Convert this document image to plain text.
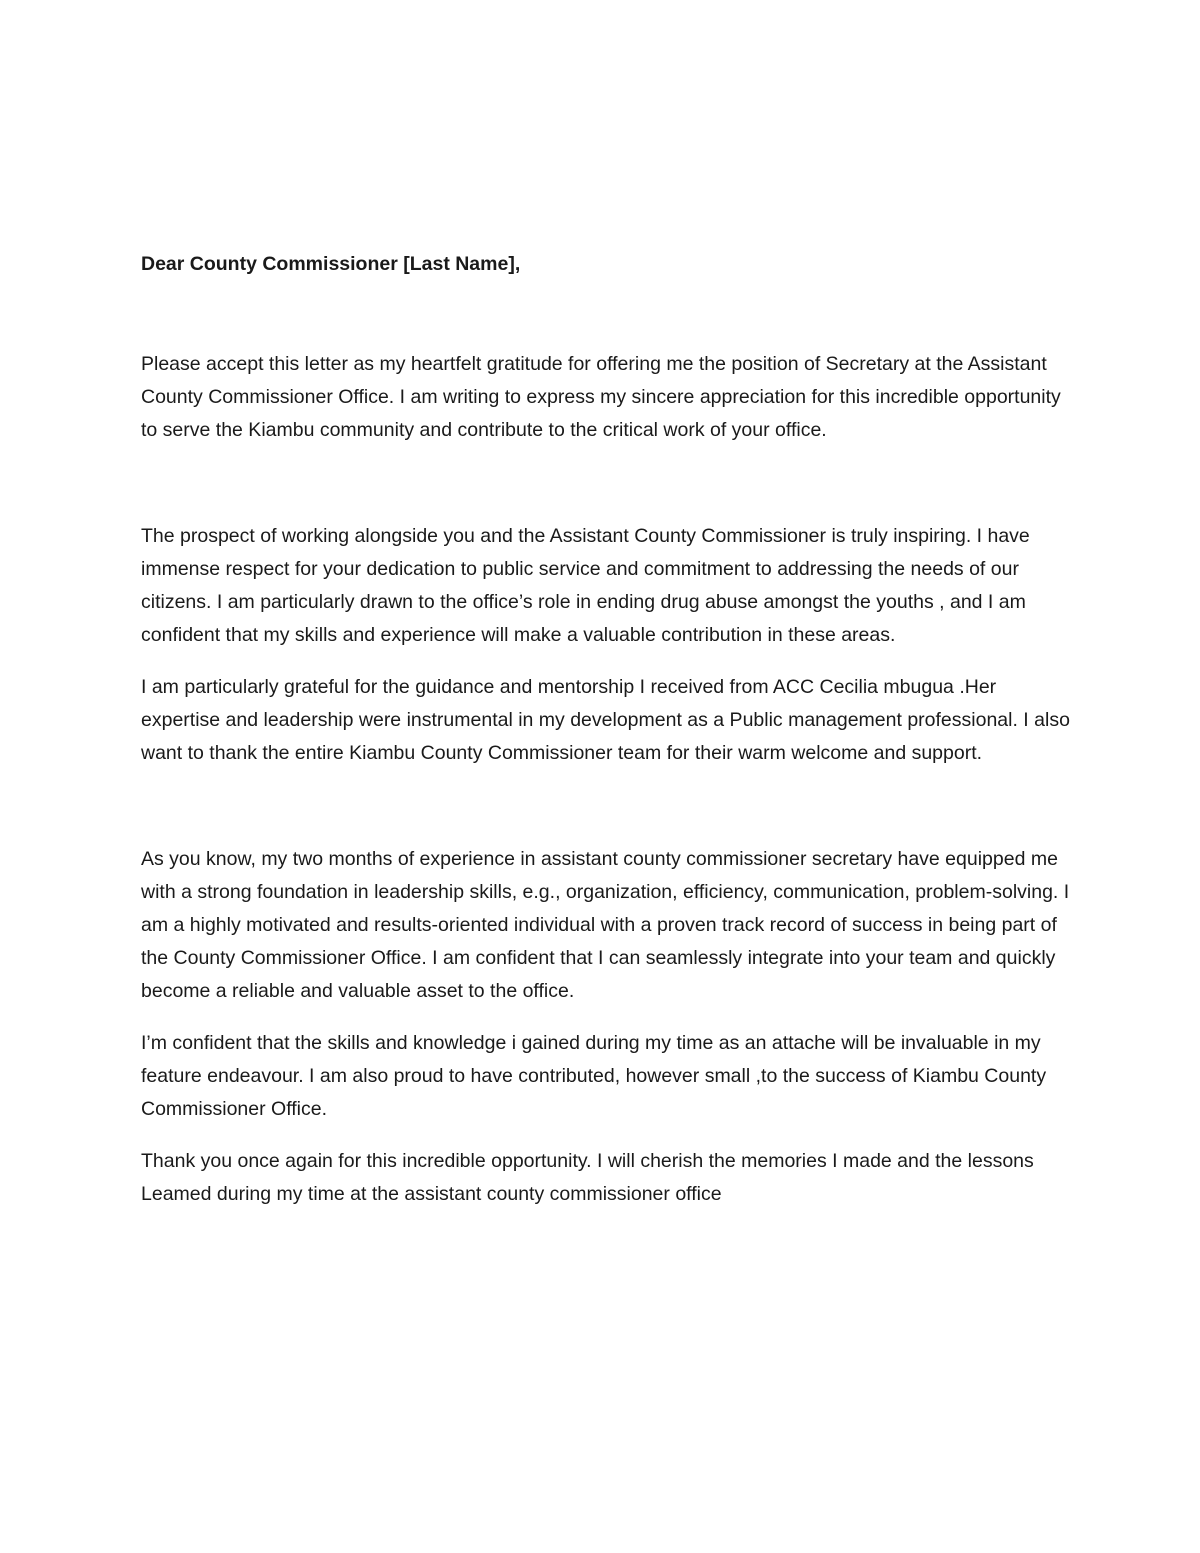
Dear County Commissioner [Last Name],

Please accept this letter as my heartfelt gratitude for offering me the position of Secretary at the Assistant County Commissioner Office. I am writing to express my sincere appreciation for this incredible opportunity to serve the Kiambu community and contribute to the critical work of your office.

The prospect of working alongside you and the Assistant County Commissioner is truly inspiring. I have immense respect for your dedication to public service and commitment to addressing the needs of our citizens. I am particularly drawn to the office’s role in ending drug abuse amongst the youths , and I am confident that my skills and experience will make a valuable contribution in these areas.

I am particularly grateful for the guidance and mentorship I received from ACC Cecilia mbugua .Her expertise and leadership were instrumental in my development as a Public management professional. I also want to thank the entire Kiambu County Commissioner team for their warm welcome and support.

As you know, my two months of experience in assistant county commissioner secretary have equipped me with a strong foundation in leadership skills, e.g., organization, efficiency, communication, problem-solving. I am a highly motivated and results-oriented individual with a proven track record of success in being part of the County Commissioner Office. I am confident that I can seamlessly integrate into your team and quickly become a reliable and valuable asset to the office.

I’m confident that the skills and knowledge i gained during my time as an attache will be invaluable in my feature endeavour. I am also proud to have contributed, however small ,to the success of Kiambu County Commissioner Office.

Thank you once again for this incredible opportunity. I will cherish the memories I made and the lessons Leamed during my time at the assistant county commissioner office
